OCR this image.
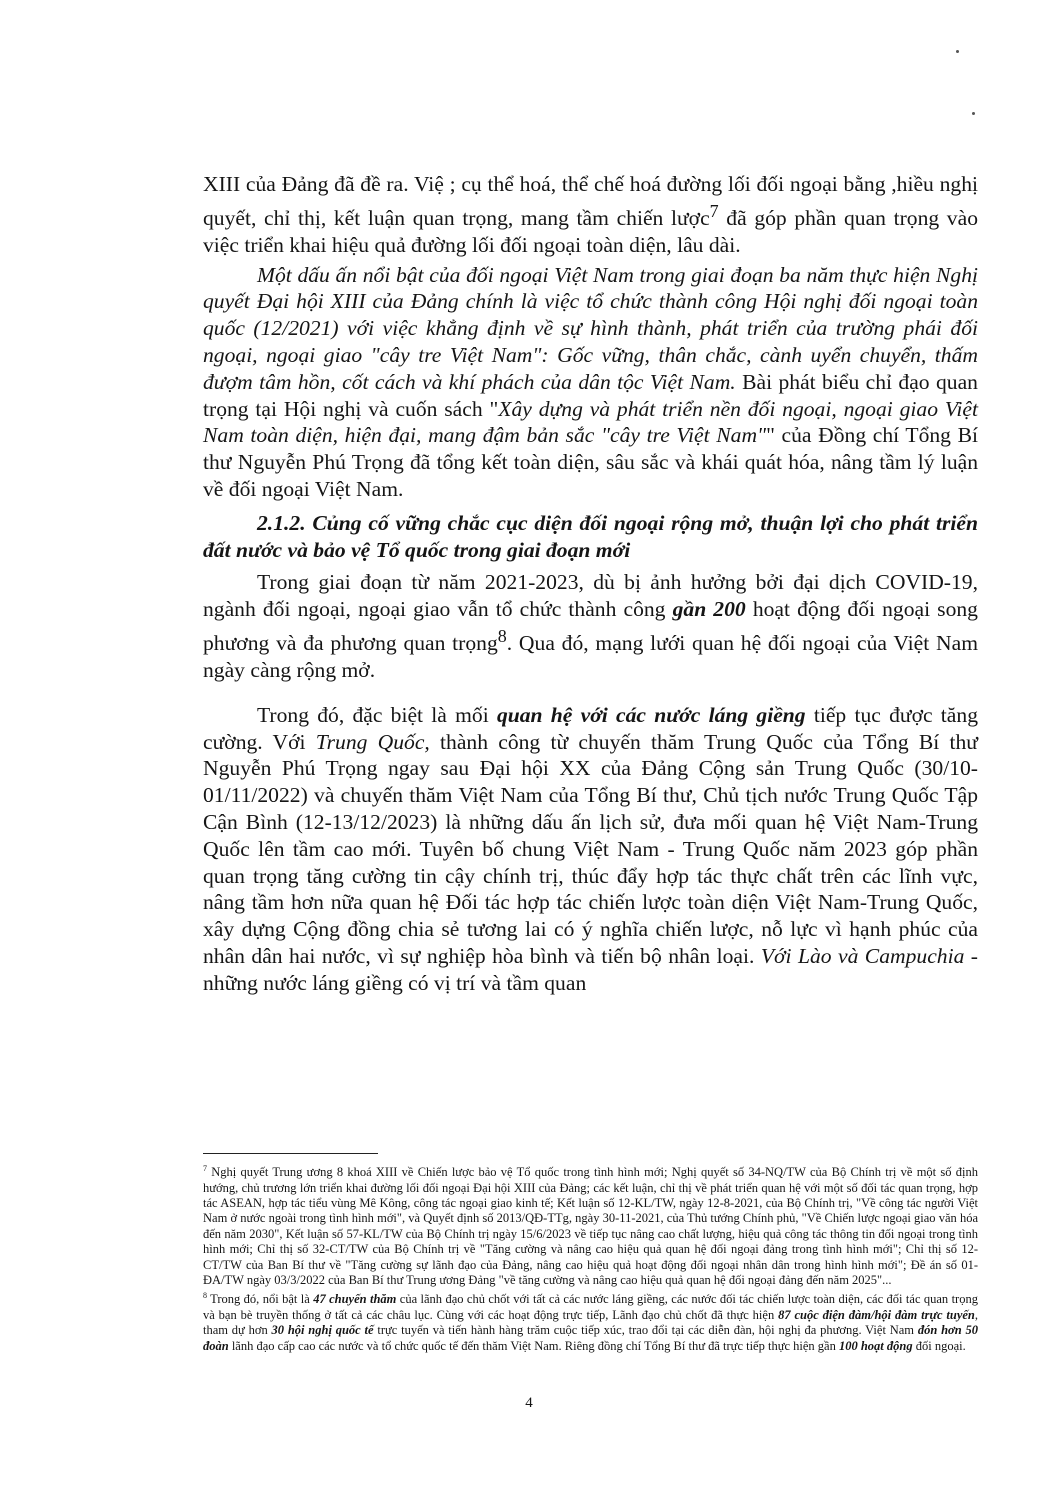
XIII của Đảng đã đề ra. Việ ; cụ thể hoá, thể chế hoá đường lối đối ngoại bằng ,hiều nghị quyết, chỉ thị, kết luận quan trọng, mang tầm chiến lược$^7$ đã góp phần quan trọng vào việc triển khai hiệu quả đường lối đối ngoại toàn diện, lâu dài.

Một dấu ấn nổi bật của đối ngoại Việt Nam trong giai đoạn ba năm thực hiện Nghị quyết Đại hội XIII của Đảng chính là việc tổ chức thành công Hội nghị đối ngoại toàn quốc (12/2021) với việc khẳng định về sự hình thành, phát triển của trường phái đối ngoại, ngoại giao "cây tre Việt Nam": Gốc vững, thân chắc, cành uyển chuyển, thấm đượm tâm hồn, cốt cách và khí phách của dân tộc Việt Nam. Bài phát biểu chỉ đạo quan trọng tại Hội nghị và cuốn sách "Xây dựng và phát triển nền đối ngoại, ngoại giao Việt Nam toàn diện, hiện đại, mang đậm bản sắc "cây tre Việt Nam"" của Đồng chí Tổng Bí thư Nguyễn Phú Trọng đã tổng kết toàn diện, sâu sắc và khái quát hóa, nâng tầm lý luận về đối ngoại Việt Nam.

2.1.2. Củng cố vững chắc cục diện đối ngoại rộng mở, thuận lợi cho phát triển đất nước và bảo vệ Tổ quốc trong giai đoạn mới

Trong giai đoạn từ năm 2021-2023, dù bị ảnh hưởng bởi đại dịch COVID-19, ngành đối ngoại, ngoại giao vẫn tổ chức thành công gần 200 hoạt động đối ngoại song phương và đa phương quan trọng$^8$. Qua đó, mạng lưới quan hệ đối ngoại của Việt Nam ngày càng rộng mở.

Trong đó, đặc biệt là mối quan hệ với các nước láng giềng tiếp tục được tăng cường. Với Trung Quốc, thành công từ chuyến thăm Trung Quốc của Tổng Bí thư Nguyễn Phú Trọng ngay sau Đại hội XX của Đảng Cộng sản Trung Quốc (30/10-01/11/2022) và chuyến thăm Việt Nam của Tổng Bí thư, Chủ tịch nước Trung Quốc Tập Cận Bình (12-13/12/2023) là những dấu ấn lịch sử, đưa mối quan hệ Việt Nam-Trung Quốc lên tầm cao mới. Tuyên bố chung Việt Nam - Trung Quốc năm 2023 góp phần quan trọng tăng cường tin cậy chính trị, thúc đẩy hợp tác thực chất trên các lĩnh vực, nâng tầm hơn nữa quan hệ Đối tác hợp tác chiến lược toàn diện Việt Nam-Trung Quốc, xây dựng Cộng đồng chia sẻ tương lai có ý nghĩa chiến lược, nỗ lực vì hạnh phúc của nhân dân hai nước, vì sự nghiệp hòa bình và tiến bộ nhân loại. Với Lào và Campuchia - những nước láng giềng có vị trí và tầm quan

$^7$ Nghị quyết Trung ương 8 khoá XIII về Chiến lược bảo vệ Tổ quốc trong tình hình mới; Nghị quyết số 34-NQ/TW của Bộ Chính trị về một số định hướng, chủ trương lớn triển khai đường lối đối ngoại Đại hội XIII của Đảng; các kết luận, chỉ thị về phát triển quan hệ với một số đối tác quan trọng, hợp tác ASEAN, hợp tác tiểu vùng Mê Kông, công tác ngoại giao kinh tế; Kết luận số 12-KL/TW, ngày 12-8-2021, của Bộ Chính trị, "Về công tác người Việt Nam ở nước ngoài trong tình hình mới", và Quyết định số 2013/QĐ-TTg, ngày 30-11-2021, của Thủ tướng Chính phủ, "Về Chiến lược ngoại giao văn hóa đến năm 2030", Kết luận số 57-KL/TW của Bộ Chính trị ngày 15/6/2023 về tiếp tục nâng cao chất lượng, hiệu quả công tác thông tin đối ngoại trong tình hình mới; Chỉ thị số 32-CT/TW của Bộ Chính trị về "Tăng cường và nâng cao hiệu quả quan hệ đối ngoại đảng trong tình hình mới"; Chỉ thị số 12-CT/TW của Ban Bí thư về "Tăng cường sự lãnh đạo của Đảng, nâng cao hiệu quả hoạt động đối ngoại nhân dân trong hình hình mới"; Đề án số 01-ĐA/TW ngày 03/3/2022 của Ban Bí thư Trung ương Đảng "về tăng cường và nâng cao hiệu quả quan hệ đối ngoại đảng đến năm 2025"...

$^8$ Trong đó, nổi bật là 47 chuyến thăm của lãnh đạo chủ chốt với tất cả các nước láng giềng, các nước đối tác chiến lược toàn diện, các đối tác quan trọng và bạn bè truyền thống ở tất cả các châu lục. Cùng với các hoạt động trực tiếp, Lãnh đạo chủ chốt đã thực hiện 87 cuộc điện đàm/hội đàm trực tuyến, tham dự hơn 30 hội nghị quốc tế trực tuyến và tiến hành hàng trăm cuộc tiếp xúc, trao đổi tại các diễn đàn, hội nghị đa phương. Việt Nam đón hơn 50 đoàn lãnh đạo cấp cao các nước và tổ chức quốc tế đến thăm Việt Nam. Riêng đồng chí Tổng Bí thư đã trực tiếp thực hiện gần 100 hoạt động đối ngoại.

4
